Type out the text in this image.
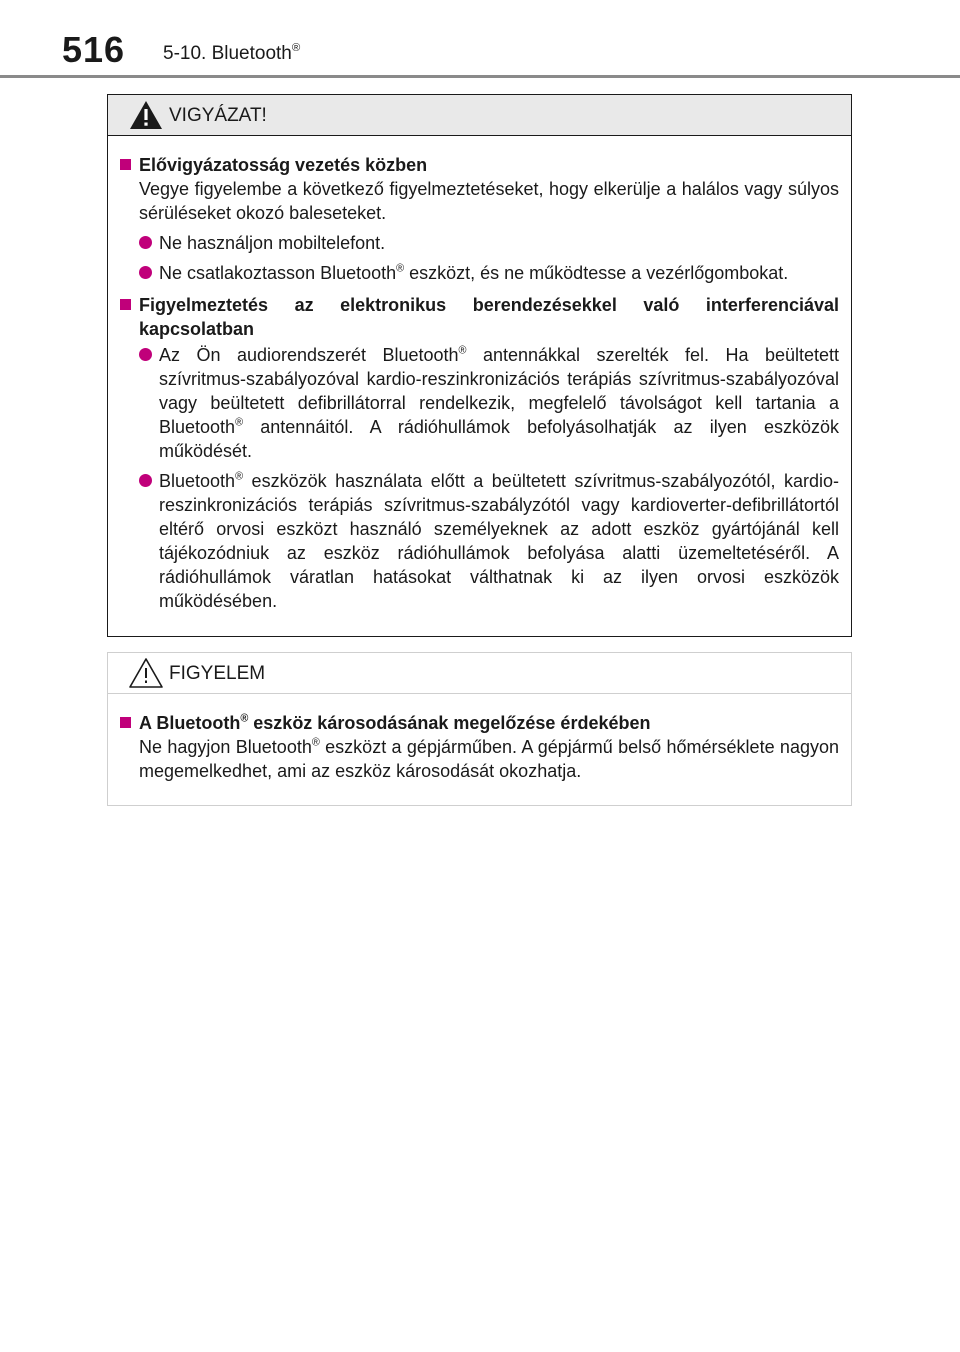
516 5-10. Bluetooth®
VIGYÁZAT!
Elővigyázatosság vezetés közben
Vegye figyelembe a következő figyelmeztetéseket, hogy elkerülje a halálos vagy súlyos sérüléseket okozó baleseteket.
Ne használjon mobiltelefont.
Ne csatlakoztasson Bluetooth® eszközt, és ne működtesse a vezérlőgombokat.
Figyelmeztetés az elektronikus berendezésekkel való interferenciával kapcsolatban
Az Ön audiorendszerét Bluetooth® antennákkal szerelték fel. Ha beültetett szívritmus-szabályozóval kardio-reszinkronizációs terápiás szívritmus-szabályozóval vagy beültetett defibrillátorral rendelkezik, megfelelő távolságot kell tartania a Bluetooth® antennáitól. A rádióhullámok befolyásolhatják az ilyen eszközök működését.
Bluetooth® eszközök használata előtt a beültetett szívritmus-szabályozótól, kardio-reszinkronizációs terápiás szívritmus-szabályzótól vagy kardioverter-defibrillátortól eltérő orvosi eszközt használó személyeknek az adott eszköz gyártójánál kell tájékozódniuk az eszköz rádióhullámok befolyása alatti üzemeltetéséről. A rádióhullámok váratlan hatásokat válthatnak ki az ilyen orvosi eszközök működésében.
FIGYELEM
A Bluetooth® eszköz károsodásának megelőzése érdekében
Ne hagyjon Bluetooth® eszközt a gépjárműben. A gépjármű belső hőmérséklete nagyon megemelkedhet, ami az eszköz károsodását okozhatja.
